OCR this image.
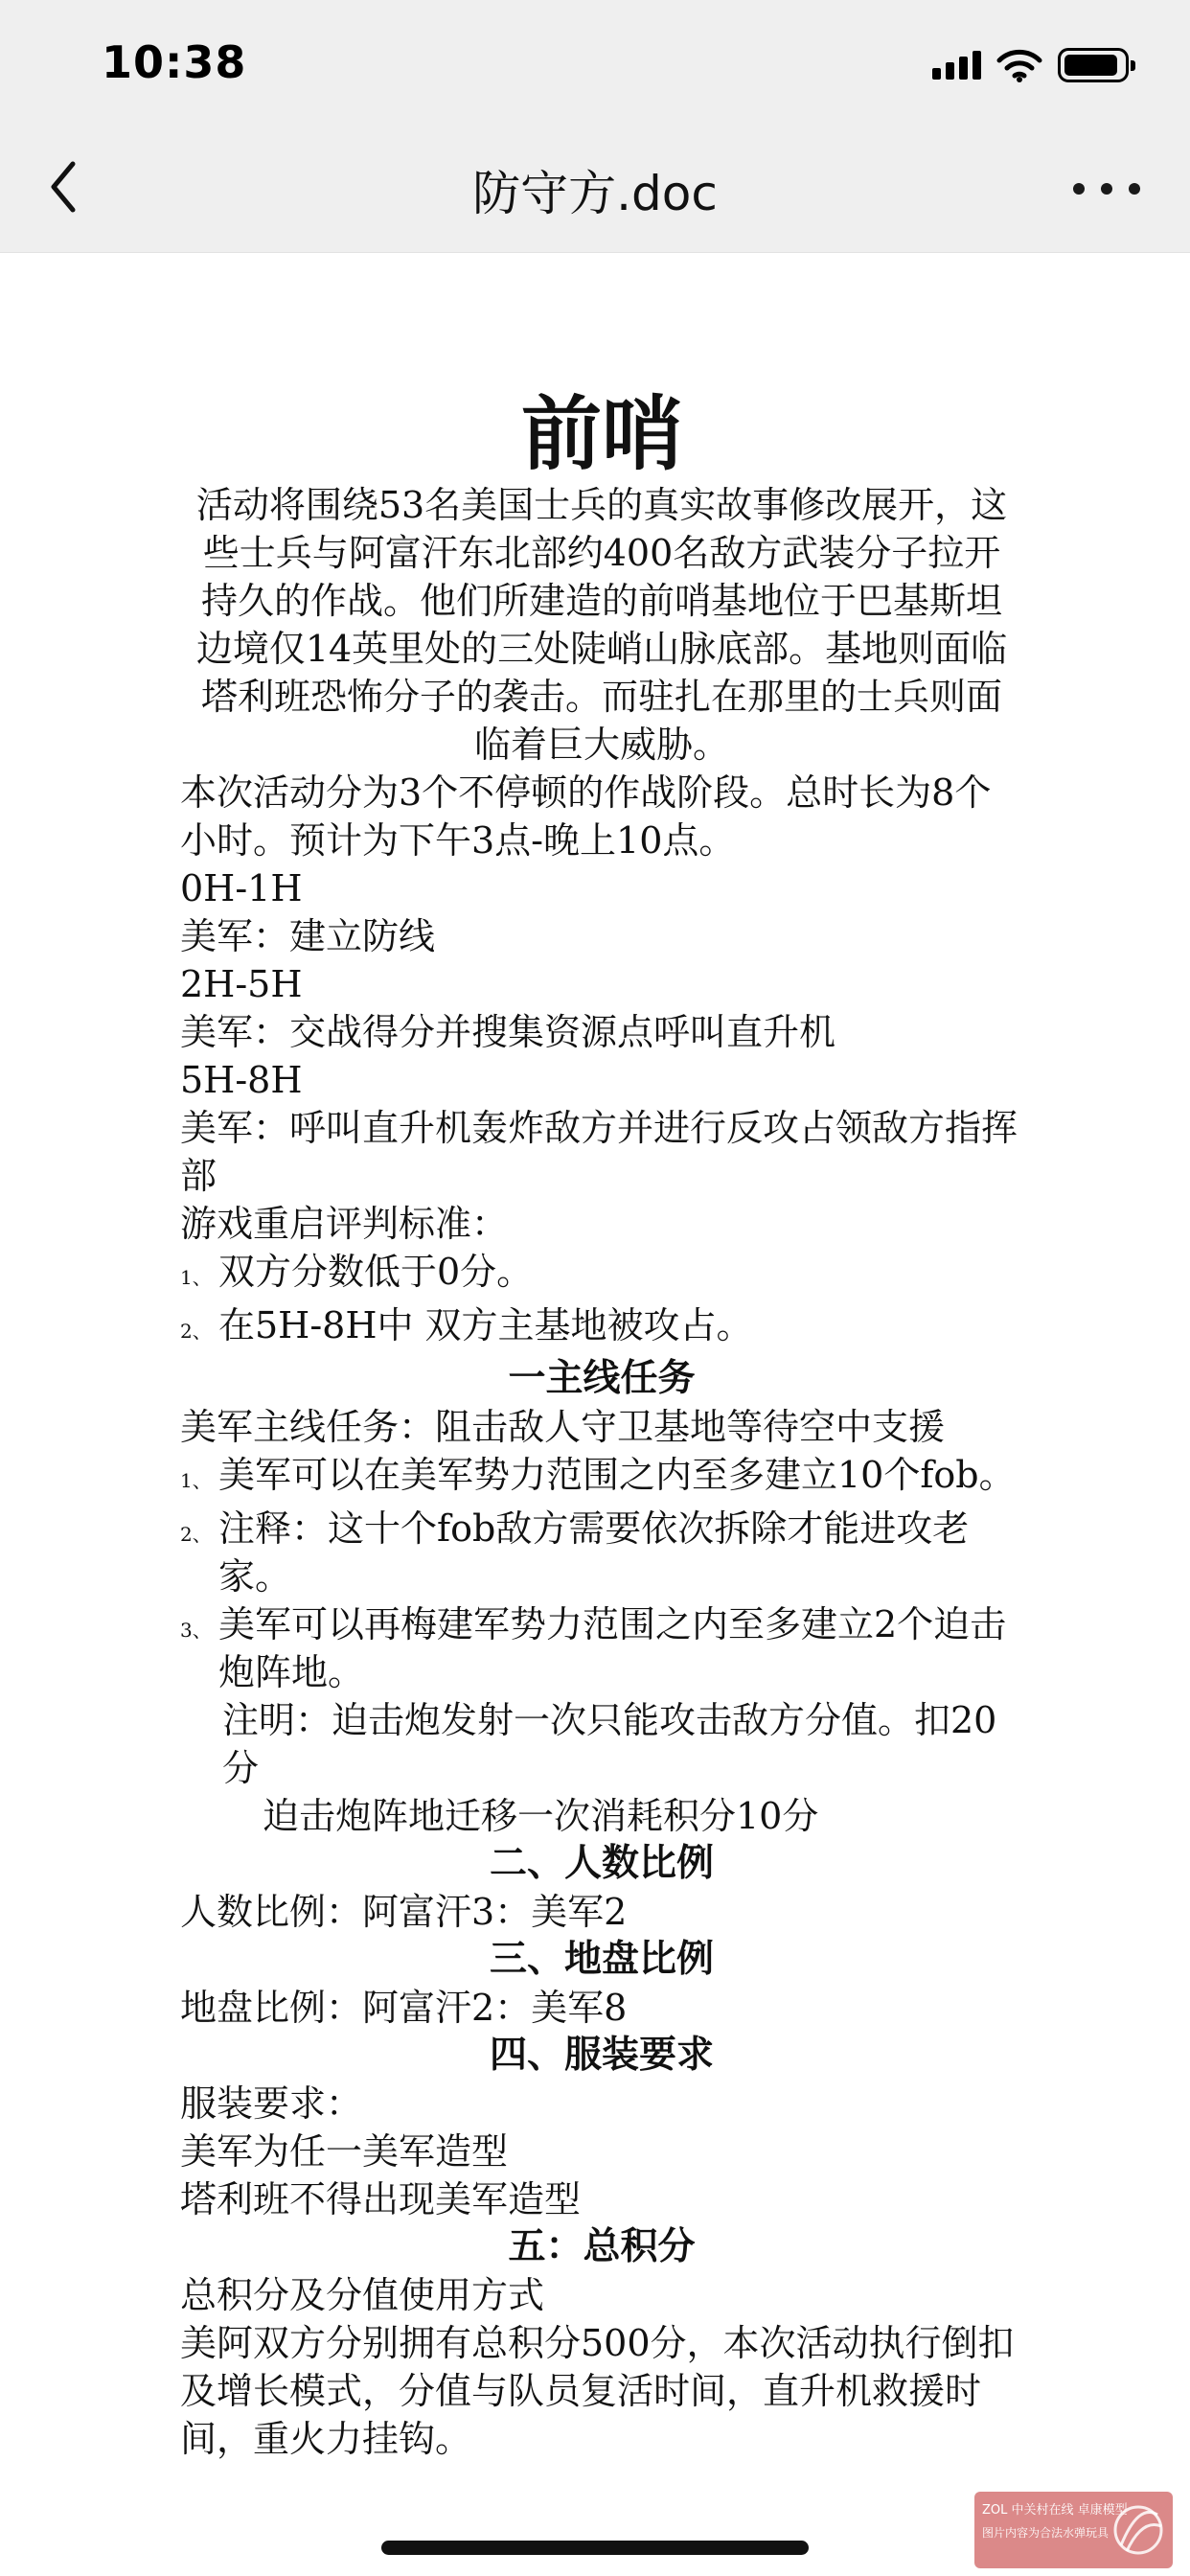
10:38
防守方.doc
前哨
活动将围绕53名美国士兵的真实故事修改展开，这些士兵与阿富汗东北部约400名敌方武装分子拉开持久的作战。他们所建造的前哨基地位于巴基斯坦边境仅14英里处的三处陡峭山脉底部。基地则面临塔利班恐怖分子的袭击。而驻扎在那里的士兵则面临着巨大威胁。
本次活动分为3个不停顿的作战阶段。总时长为8个小时。预计为下午3点-晚上10点。
0H-1H
美军：建立防线
2H-5H
美军：交战得分并搜集资源点呼叫直升机
5H-8H
美军：呼叫直升机轰炸敌方并进行反攻占领敌方指挥部
游戏重启评判标准：
1、 双方分数低于0分。
2、 在5H-8H中 双方主基地被攻占。
一主线任务
美军主线任务：阻击敌人守卫基地等待空中支援
1、 美军可以在美军势力范围之内至多建立10个fob。
2、 注释：这十个fob敌方需要依次拆除才能进攻老家。
3、 美军可以再梅建军势力范围之内至多建立2个迫击炮阵地。
注明：迫击炮发射一次只能攻击敌方分值。扣20分
迫击炮阵地迁移一次消耗积分10分
二、人数比例
人数比例：阿富汗3：美军2
三、地盘比例
地盘比例：阿富汗2：美军8
四、服装要求
服装要求：
美军为任一美军造型
塔利班不得出现美军造型
五：总积分
总积分及分值使用方式
美阿双方分别拥有总积分500分，本次活动执行倒扣及增长模式，分值与队员复活时间，直升机救援时间，重火力挂钩。
ZOL 中关村在线 卓康模型
图片内容为合法水弹玩具
